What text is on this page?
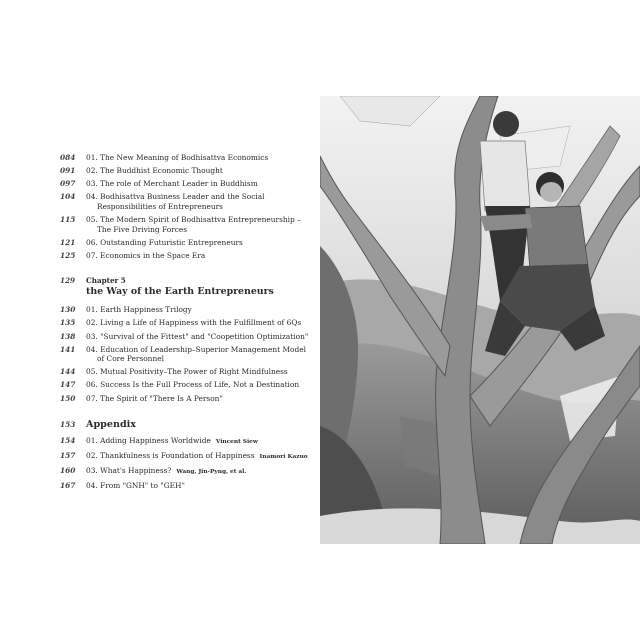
084	01. The New Meaning of Bodhisattva Economics
091	02. The Buddhist Economic Thought
097	03. The role of Merchant Leader in Buddhism
104	04. Bodhisattva Business Leader and the Social
Responsibilities of Entrepreneurs
115	05. The Modern Spirit of Bodhisattva Entrepreneurship –
The Five Driving Forces
121	06. Outstanding Futuristic Entrepreneurs
125	07. Economics in the Space Era
129	Chapter 5
the Way of the Earth Entrepreneurs
130	01. Earth Happiness Trilogy
135	02. Living a Life of Happiness with the Fulfillment of 6Qs
138	03. "Survival of the Fittest" and "Coopetition Optimization"
141	04. Education of Leadership–Superior Management Model
of Core Personnel
144	05. Mutual Positivity–The Power of Right Mindfulness
147	06. Success Is the Full Process of Life, Not a Destination
150	07. The Spirit of "There Is A Person"
153	Appendix
154	01. Adding Happiness Worldwide Vincent Siew
157	02. Thankfulness is Foundation of Happiness Inamori Kazuo
160	03. What's Happiness? Wang, Jin-Pyng, et al.
167	04. From "GNH" to "GEH"
